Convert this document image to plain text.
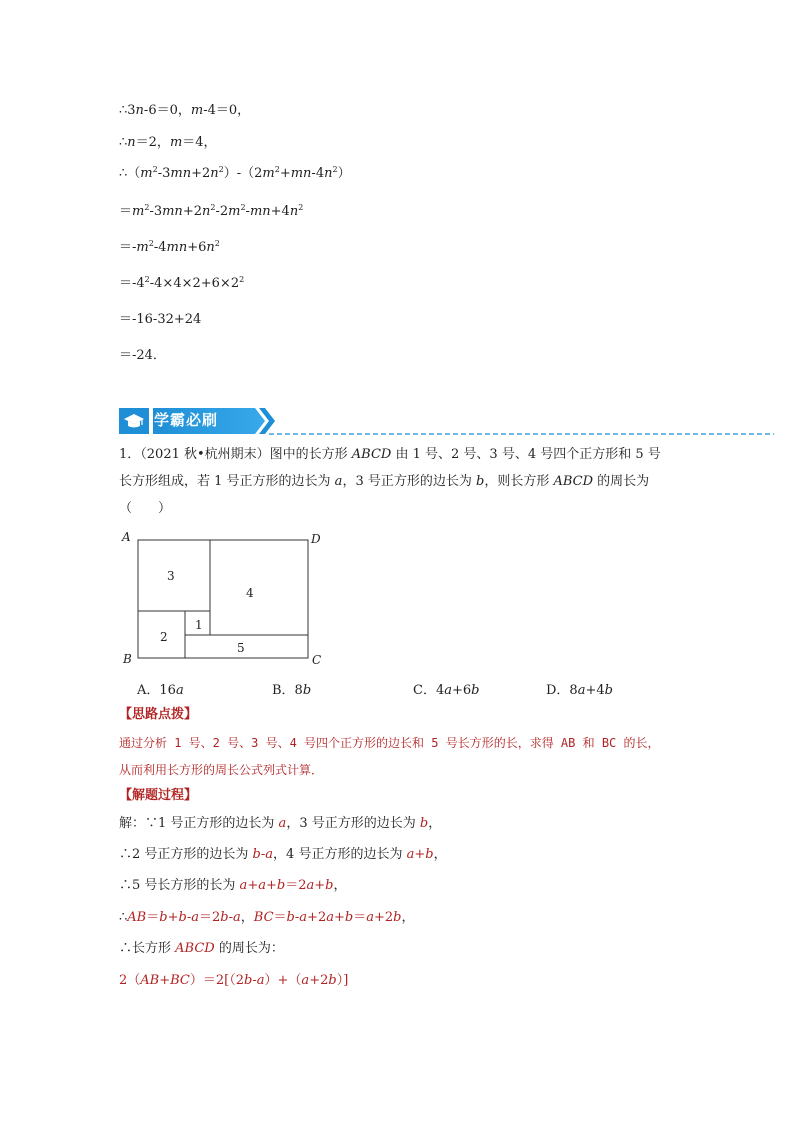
∴3n-6＝0，m-4＝0，
∴n＝2，m＝4，
$\therefore(m^2-3mn+2n^2)-(2m^2+mn-4n^2)$
$=m^2-3mn+2n^2-2m^2-mn+4n^2$
$=-m^2-4mn+6n^2$
$=-4^2-4\times 4\times 2+6\times 2^2$
＝-16-32+24
＝-24．
学霸必刷
1．（2021 秋•杭州期末）图中的长方形 ABCD 由 1 号、2 号、3 号、4 号四个正方形和 5 号
长方形组成，若 1 号正方形的边长为 a，3 号正方形的边长为 b，则长方形 ABCD 的周长为
（　　）
A	D
B	C
3
4
2
1
5
A．16a	B．8b	C．4a+6b	D．8a+4b
【思路点拨】
通过分析 1 号、2 号、3 号、4 号四个正方形的边长和 5 号长方形的长，求得 AB 和 BC 的长，
从而利用长方形的周长公式列式计算．
【解题过程】
解：∵1 号正方形的边长为 a，3 号正方形的边长为 b，
∴2 号正方形的边长为 b-a，4 号正方形的边长为 a+b，
∴5 号长方形的长为 a+a+b＝2a+b，
∴AB＝b+b-a＝2b-a，BC＝b-a+2a+b＝a+2b，
∴长方形 ABCD 的周长为：
2（AB+BC）＝2[（2b-a）+（a+2b）]
